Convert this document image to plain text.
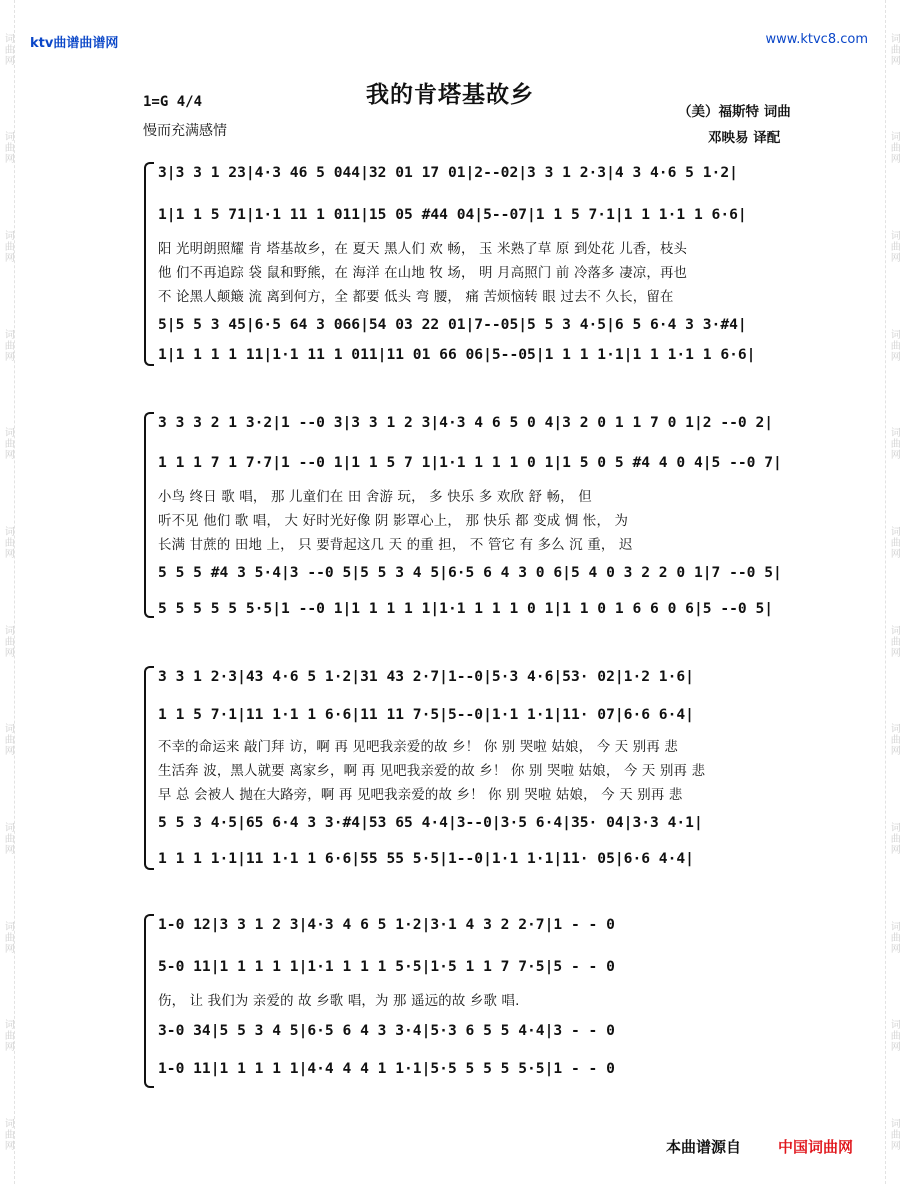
词曲网
词曲网
词曲网
词曲网
词曲网
词曲网
词曲网
词曲网
词曲网
词曲网
词曲网
词曲网
词曲网
词曲网
词曲网
词曲网
词曲网
词曲网
词曲网
词曲网
词曲网
词曲网
词曲网
词曲网
ktv曲谱曲谱网	www.ktvc8.com
我的肯塔基故乡
1=G 4/4
慢而充满感情
（美）福斯特 词曲
邓映易 译配
3|3 3 1 23|4·3 46 5 044|32 01 17 01|2--02|3 3 1 2·3|4 3 4·6 5 1·2|
1|1 1 5 71|1·1 11 1 011|15 05 #44 04|5--07|1 1 5 7·1|1 1 1·1 1 6·6|
阳 光明朗照耀 肯 塔基故乡，在 夏天 黑人们 欢 畅， 玉 米熟了草 原 到处花 儿香，枝头
他 们不再追踪 袋 鼠和野熊，在 海洋 在山地 牧 场， 明 月高照门 前 冷落多 凄凉，再也
不 论黑人颠簸 流 离到何方，全 都要 低头 弯 腰， 痛 苦烦恼转 眼 过去不 久长，留在
5|5 5 3 45|6·5 64 3 066|54 03 22 01|7--05|5 5 3 4·5|6 5 6·4 3 3·#4|
1|1 1 1 1 11|1·1 11 1 011|11 01 66 06|5--05|1 1 1 1·1|1 1 1·1 1 6·6|
3 3 3 2 1 3·2|1 --0 3|3 3 1 2 3|4·3 4 6 5 0 4|3 2 0 1 1 7 0 1|2 --0 2|
1 1 1 7 1 7·7|1 --0 1|1 1 5 7 1|1·1 1 1 1 0 1|1 5 0 5 #4 4 0 4|5 --0 7|
小鸟 终日 歌 唱， 那 儿童们在 田 舍游 玩， 多 快乐 多 欢欣 舒 畅， 但
听不见 他们 歌 唱， 大 好时光好像 阴 影罩心上， 那 快乐 都 变成 惆 怅， 为
长满 甘蔗的 田地 上， 只 要背起这几 天 的重 担， 不 管它 有 多么 沉 重， 迟
5 5 5 #4 3 5·4|3 --0 5|5 5 3 4 5|6·5 6 4 3 0 6|5 4 0 3 2 2 0 1|7 --0 5|
5 5 5 5 5 5·5|1 --0 1|1 1 1 1 1|1·1 1 1 1 0 1|1 1 0 1 6 6 0 6|5 --0 5|
3 3 1 2·3|43 4·6 5 1·2|31 43 2·7|1--0|5·3 4·6|53· 02|1·2 1·6|
1 1 5 7·1|11 1·1 1 6·6|11 11 7·5|5--0|1·1 1·1|11· 07|6·6 6·4|
不幸的命运来 敲门拜 访，啊 再 见吧我亲爱的故 乡！ 你 别 哭啦 姑娘， 今 天 别再 悲
生活奔 波，黑人就要 离家乡，啊 再 见吧我亲爱的故 乡！ 你 别 哭啦 姑娘， 今 天 别再 悲
早 总 会被人 抛在大路旁，啊 再 见吧我亲爱的故 乡！ 你 别 哭啦 姑娘， 今 天 别再 悲
5 5 3 4·5|65 6·4 3 3·#4|53 65 4·4|3--0|3·5 6·4|35· 04|3·3 4·1|
1 1 1 1·1|11 1·1 1 6·6|55 55 5·5|1--0|1·1 1·1|11· 05|6·6 4·4|
1-0 12|3 3 1 2 3|4·3 4 6 5 1·2|3·1 4 3 2 2·7|1 - - 0
5-0 11|1 1 1 1 1|1·1 1 1 1 5·5|1·5 1 1 7 7·5|5 - - 0
伤， 让 我们为 亲爱的 故 乡歌 唱，为 那 遥远的故 乡歌 唱.
3-0 34|5 5 3 4 5|6·5 6 4 3 3·4|5·3 6 5 5 4·4|3 - - 0
1-0 11|1 1 1 1 1|4·4 4 4 1 1·1|5·5 5 5 5 5·5|1 - - 0
本曲谱源自 中国词曲网
